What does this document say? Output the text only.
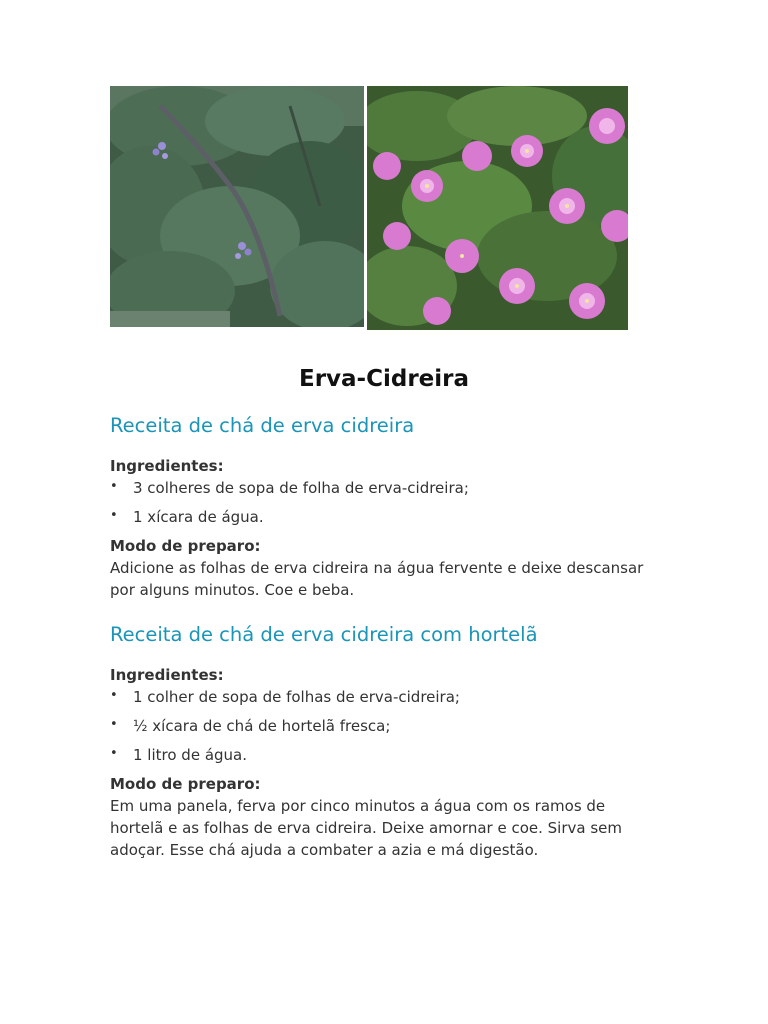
Erva-Cidreira
Receita de chá de erva cidreira

Ingredientes:

• 3 colheres de sopa de folha de erva-cidreira;
• 1 xícara de água.

Modo de preparo:

Adicione as folhas de erva cidreira na água fervente e deixe descansar
por alguns minutos. Coe e beba.
Receita de chá de erva cidreira com hortelã

Ingredientes:

• 1 colher de sopa de folhas de erva-cidreira;
• ½ xícara de chá de hortelã fresca;
• 1 litro de água.

Modo de preparo:

Em uma panela, ferva por cinco minutos a água com os ramos de
hortelã e as folhas de erva cidreira. Deixe amornar e coe. Sirva sem
adoçar. Esse chá ajuda a combater a azia e má digestão.
